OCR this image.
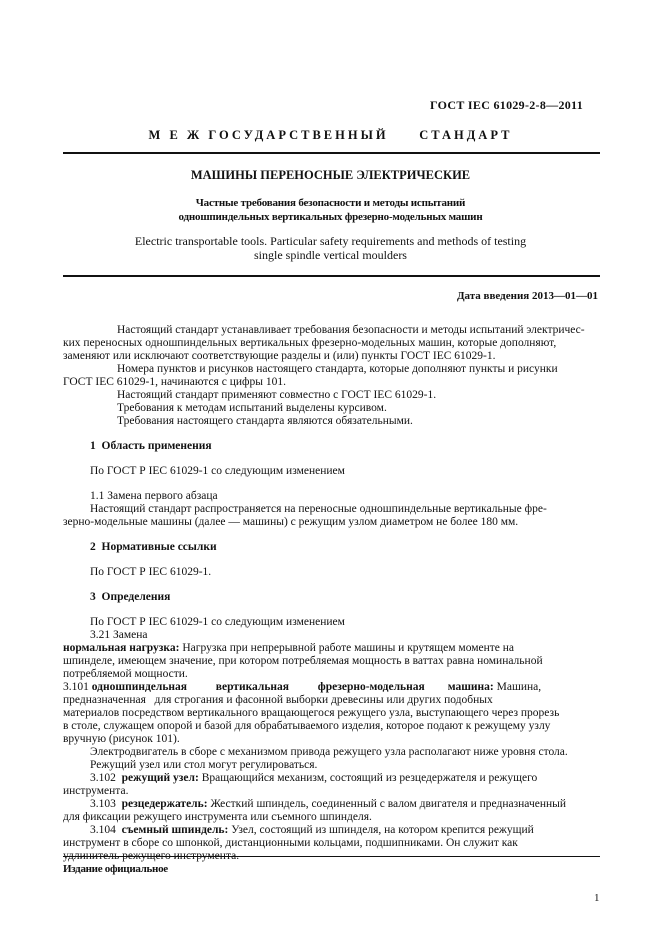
ГОСТ IEC 61029-2-8—2011
М Е Ж ГОСУДАРСТВЕННЫЙ     СТАНДАРТ
МАШИНЫ ПЕРЕНОСНЫЕ ЭЛЕКТРИЧЕСКИЕ
Частные требования безопасности и методы испытаний
одношпиндельных вертикальных фрезерно-модельных машин
Electric transportable tools. Particular safety requirements and methods of testing
single spindle vertical moulders
Дата введения 2013—01—01

Настоящий стандарт устанавливает требования безопасности и методы испытаний электричес-

ких переносных одношпиндельных вертикальных фрезерно-модельных машин, которые дополняют,
заменяют или исключают соответствующие разделы и (или) пункты ГОСТ IEC 61029-1.

Номера пунктов и рисунков настоящего стандарта, которые дополняют пункты и рисунки

ГОСТ IEC 61029-1, начинаются с цифры 101.

Настоящий стандарт применяют совместно с ГОСТ IEC 61029-1.

Требования к методам испытаний выделены курсивом.

Требования настоящего стандарта являются обязательными.

1  Область применения

По ГОСТ Р IEC 61029-1 со следующим изменением

1.1 Замена первого абзаца

Настоящий стандарт распространяется на переносные одношпиндельные вертикальные фре-

зерно-модельные машины (далее — машины) с режущим узлом диаметром не более 180 мм.

2  Нормативные ссылки

По ГОСТ Р IEC 61029-1.

3  Определения

По ГОСТ Р IEC 61029-1 со следующим изменением

3.21 Замена

нормальная нагрузка: Нагрузка при непрерывной работе машины и крутящем моменте на
шпинделе, имеющем значение, при котором потребляемая мощность в ваттах равна номинальной
потребляемой мощности.
3.101 одношпиндельная          вертикальная          фрезерно-модельная        машина: Машина,
предназначенная   для строгания и фасонной выборки древесины или других подобных
материалов посредством вертикального вращающегося режущего узла, выступающего через прорезь
в столе, служащем опорой и базой для обрабатываемого изделия, которое подают к режущему узлу
вручную (рисунок 101).

Электродвигатель в сборе с механизмом привода режущего узла располагают ниже уровня стола.

Режущий узел или стол могут регулироваться.

3.102 режущий узел: Вращающийся механизм, состоящий из резцедержателя и режущего
инструмента.
3.103 резцедержатель: Жесткий шпиндель, соединенный с валом двигателя и предназначенный
для фиксации режущего инструмента или съемного шпинделя.
3.104 съемный шпиндель: Узел, состоящий из шпинделя, на котором крепится режущий
инструмент в сборе со шпонкой, дистанционными кольцами, подшипниками. Он служит как
удлинитель режущего инструмента.
Издание официальное
1
